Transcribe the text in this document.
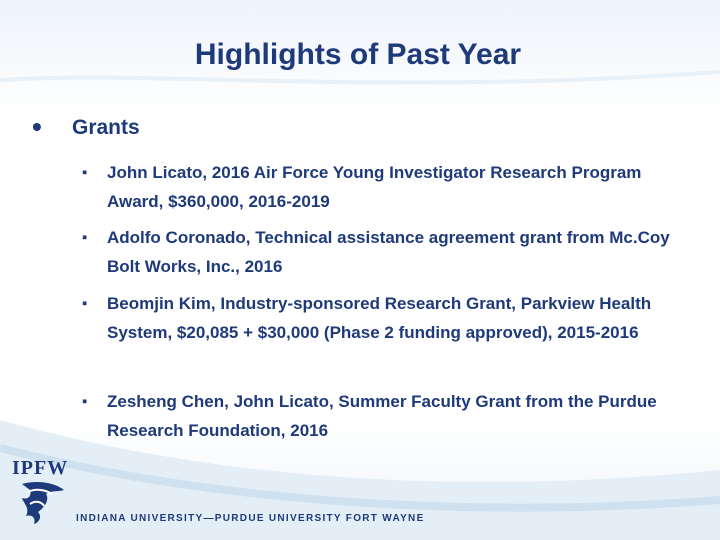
Highlights of Past Year
• Grants
▪ John Licato, 2016 Air Force Young Investigator Research Program Award, $360,000, 2016-2019
▪ Adolfo Coronado, Technical assistance agreement grant from Mc.Coy Bolt Works, Inc., 2016
▪ Beomjin Kim, Industry-sponsored Research Grant, Parkview Health System, $20,085 + $30,000 (Phase 2 funding approved), 2015-2016
▪ Zesheng Chen, John Licato, Summer Faculty Grant from the Purdue Research Foundation, 2016
IPFW
INDIANA UNIVERSITY—PURDUE UNIVERSITY FORT WAYNE
